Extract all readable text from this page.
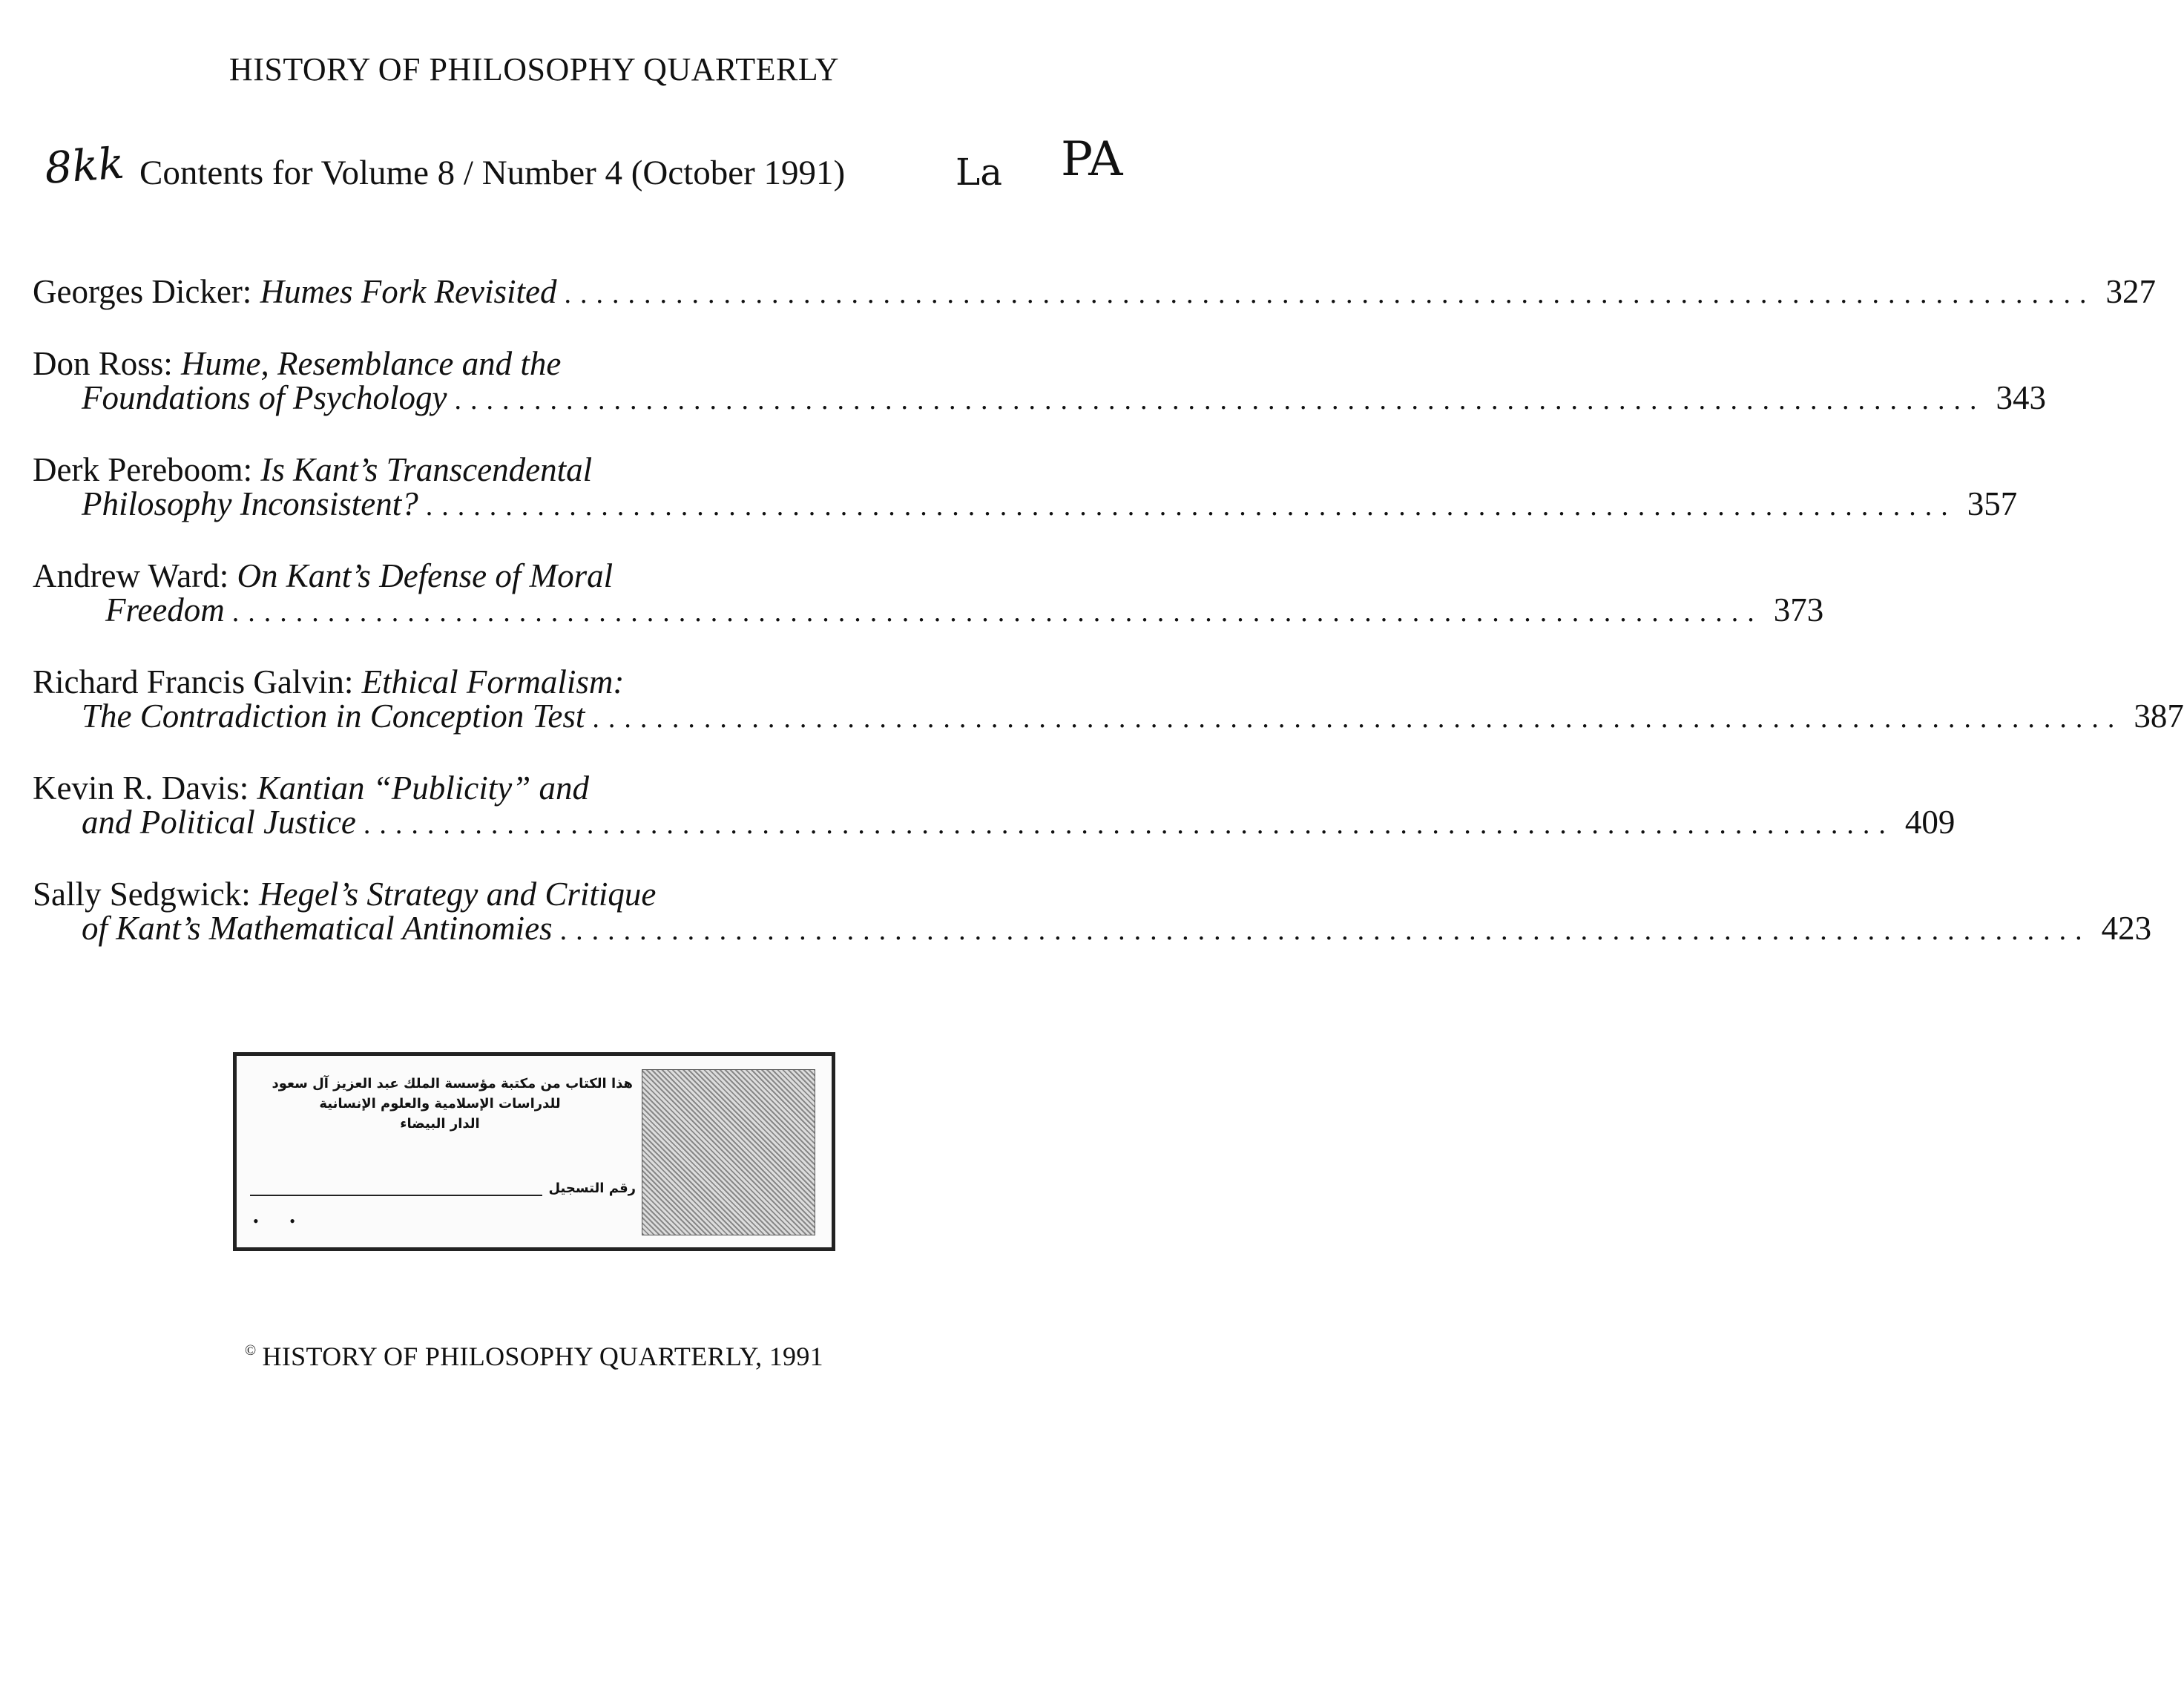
HISTORY OF PHILOSOPHY QUARTERLY
8kk Contents for Volume 8 / Number 4 (October 1991)	La PA
Georges Dicker:
Humes Fork Revisited .....	327
Don Ross:
Hume, Resemblance and the
Foundations of Psychology .....	343
Derk Pereboom:
Is Kant’s Transcendental
Philosophy Inconsistent? .....	357
Andrew Ward:
On Kant’s Defense of Moral
Freedom .....	373
Richard Francis Galvin:
Ethical Formalism:
The Contradiction in Conception Test .....	387
Kevin R. Davis:
Kantian “Publicity” and
and Political Justice .....	409
Sally Sedgwick:
Hegel’s Strategy and Critique
of Kant’s Mathematical Antinomies .....	423
هذا الكتاب من مكتبة مؤسسة الملك عبد العزيز آل سعود
للدراسات الإسلامية والعلوم الإنسانية
الدار البيضاء
رقم التسجيل
• •
© HISTORY OF PHILOSOPHY QUARTERLY, 1991
